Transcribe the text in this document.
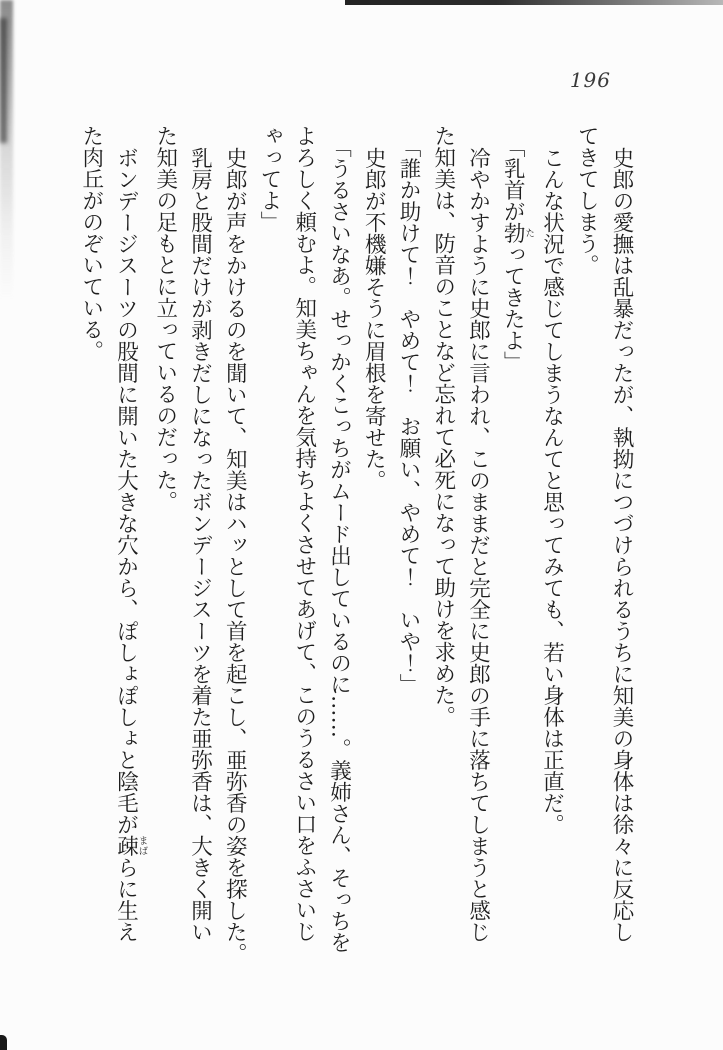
196

史郎の愛撫は乱暴だったが、執拗につづけられるうちに知美の身体は徐々に反応し

てきてしまう。

こんな状況で感じてしまうなんてと思ってみても、若い身体は正直だ。

「乳首が勃たってきたよ」

冷やかすように史郎に言われ、このままだと完全に史郎の手に落ちてしまうと感じ

た知美は、防音のことなど忘れて必死になって助けを求めた。

「誰か助けて！　やめて！　お願い、やめて！　いや！」

史郎が不機嫌そうに眉根を寄せた。

「うるさいなあ。せっかくこっちがムード出しているのに……。義姉さん、そっちを

よろしく頼むよ。知美ちゃんを気持ちよくさせてあげて、このうるさい口をふさいじ

ゃってよ」

史郎が声をかけるのを聞いて、知美はハッとして首を起こし、亜弥香の姿を探した。

乳房と股間だけが剥きだしになったボンデージスーツを着た亜弥香は、大きく開い

た知美の足もとに立っているのだった。

ボンデージスーツの股間に開いた大きな穴から、ぽしょぽしょと陰毛が疎まばらに生え

た肉丘がのぞいている。
